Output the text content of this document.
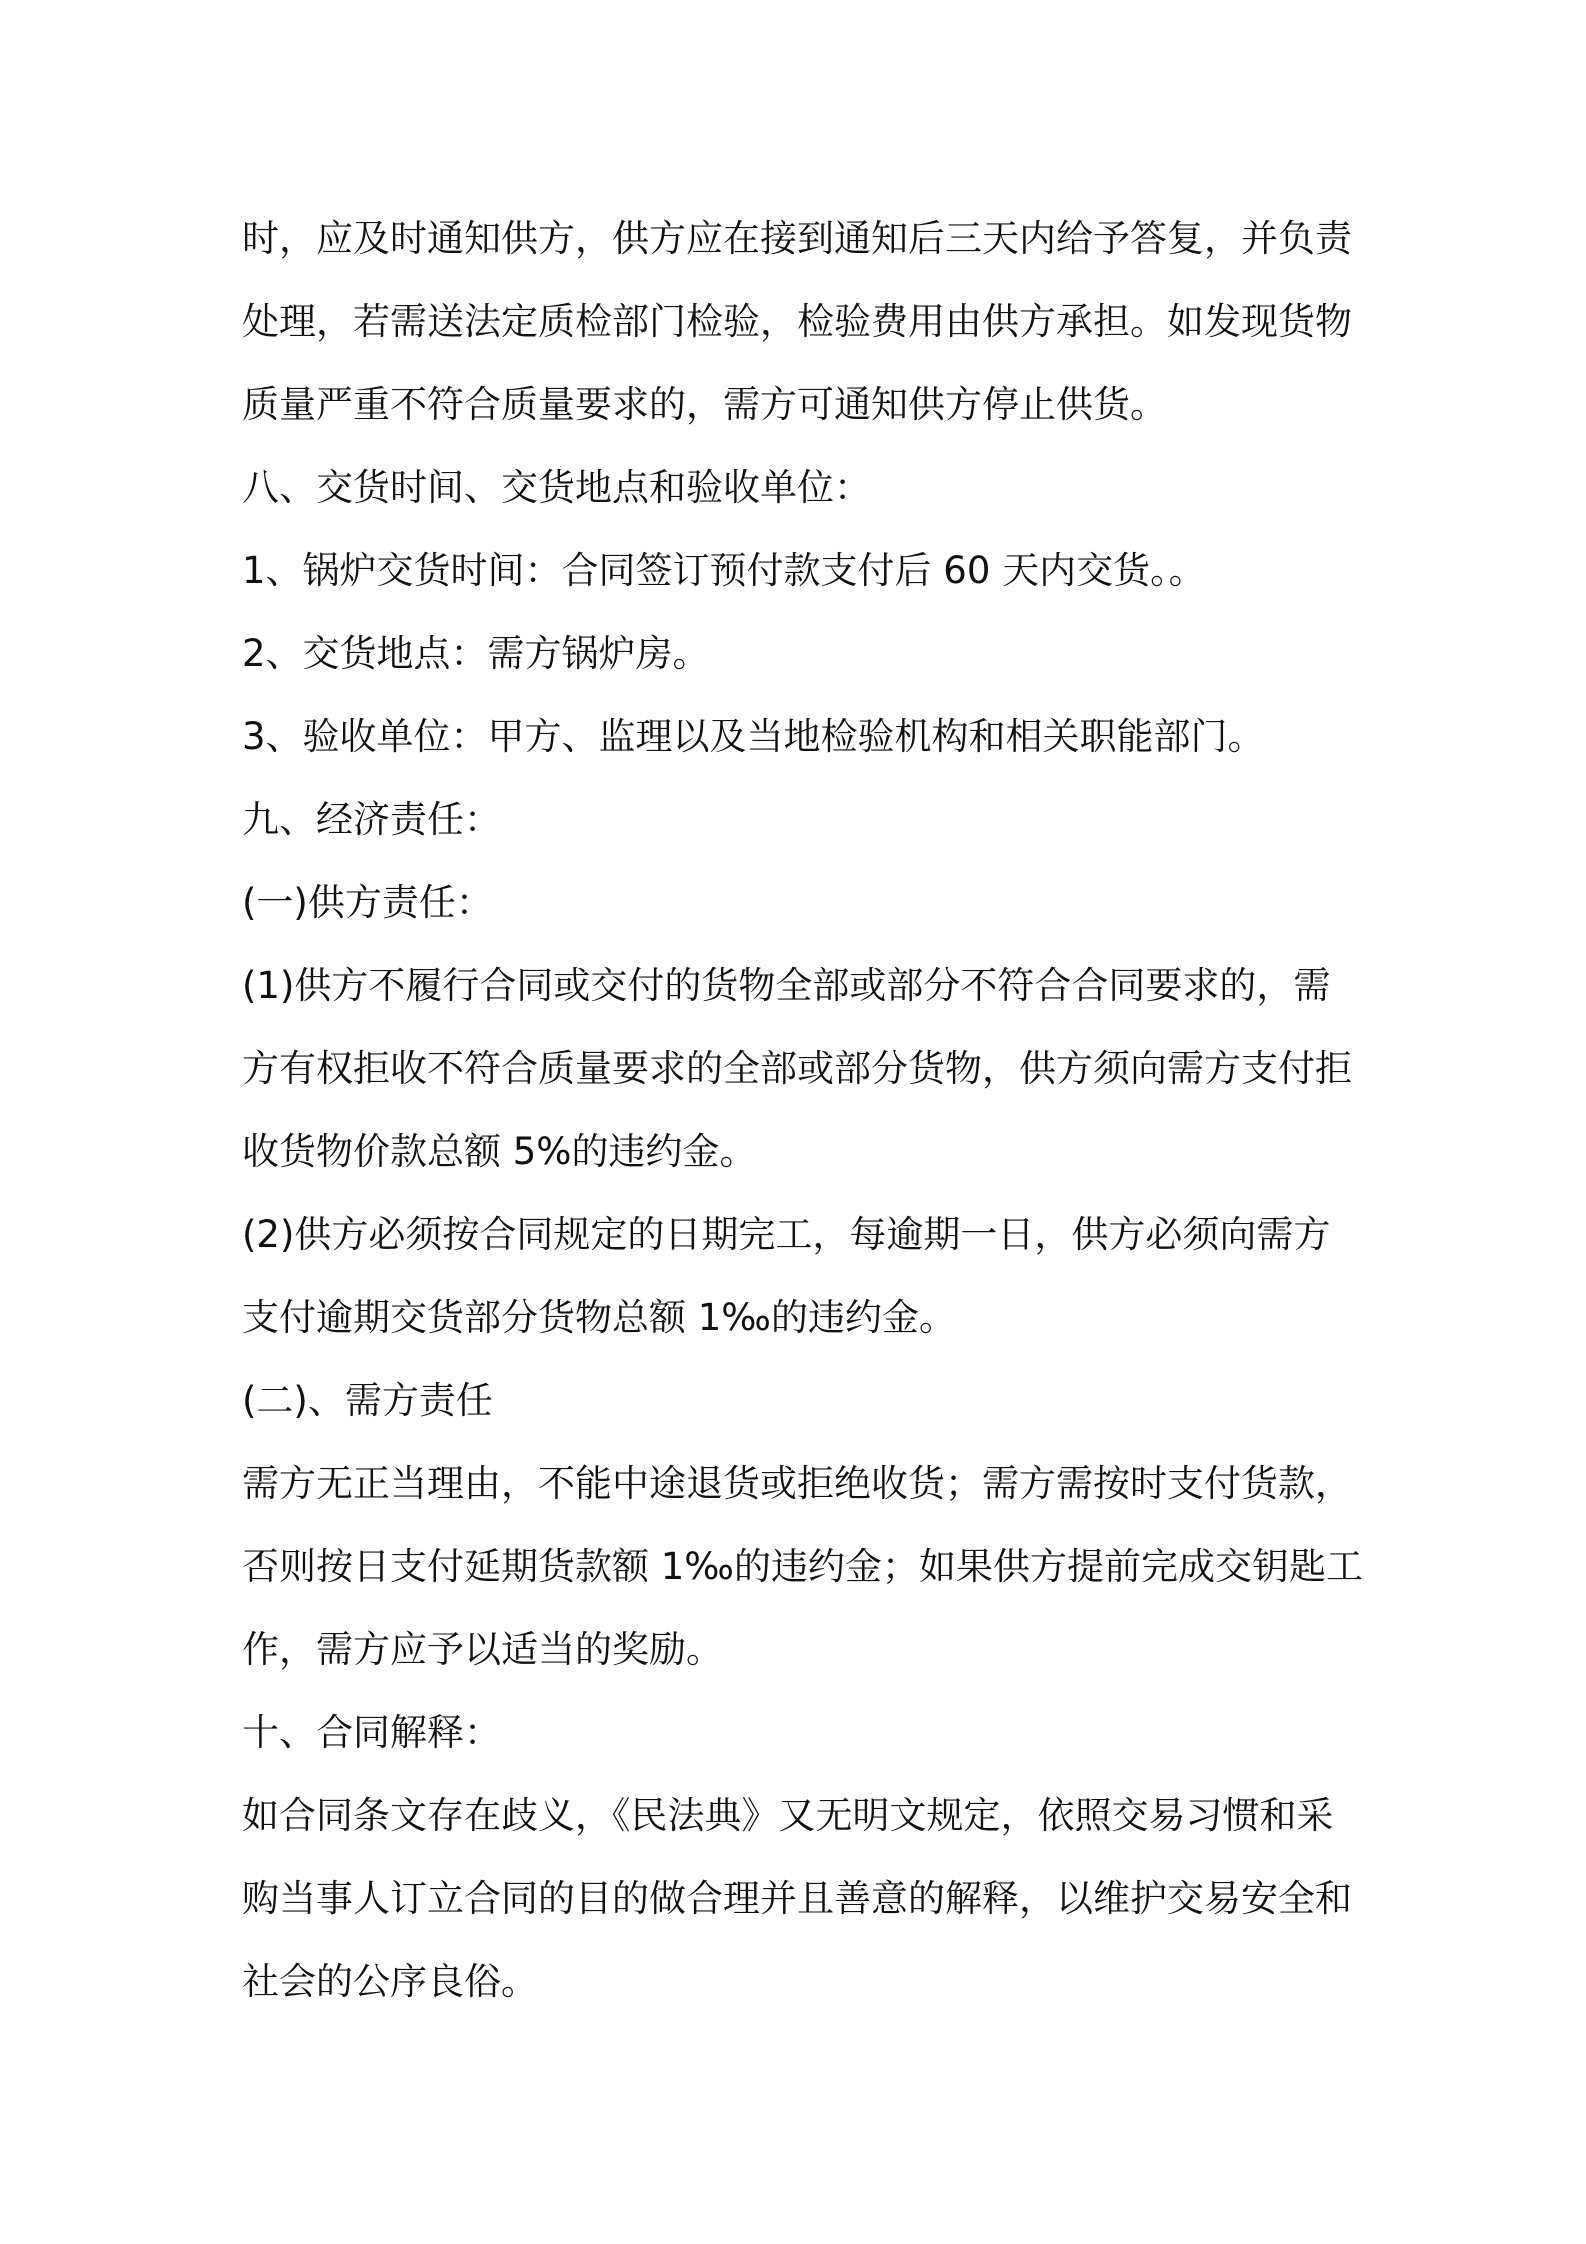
时，应及时通知供方，供方应在接到通知后三天内给予答复，并负责

处理，若需送法定质检部门检验，检验费用由供方承担。如发现货物

质量严重不符合质量要求的，需方可通知供方停止供货。

八、交货时间、交货地点和验收单位：

1、锅炉交货时间：合同签订预付款支付后 60 天内交货。。

2、交货地点：需方锅炉房。

3、验收单位：甲方、监理以及当地检验机构和相关职能部门。

九、经济责任：

(一)供方责任：

(1)供方不履行合同或交付的货物全部或部分不符合合同要求的，需

方有权拒收不符合质量要求的全部或部分货物，供方须向需方支付拒

收货物价款总额 5%的违约金。

(2)供方必须按合同规定的日期完工，每逾期一日，供方必须向需方

支付逾期交货部分货物总额 1‰的违约金。

(二)、需方责任

需方无正当理由，不能中途退货或拒绝收货；需方需按时支付货款，

否则按日支付延期货款额 1‰的违约金；如果供方提前完成交钥匙工

作，需方应予以适当的奖励。

十、合同解释：

如合同条文存在歧义，《民法典》又无明文规定，依照交易习惯和采

购当事人订立合同的目的做合理并且善意的解释，以维护交易安全和

社会的公序良俗。
